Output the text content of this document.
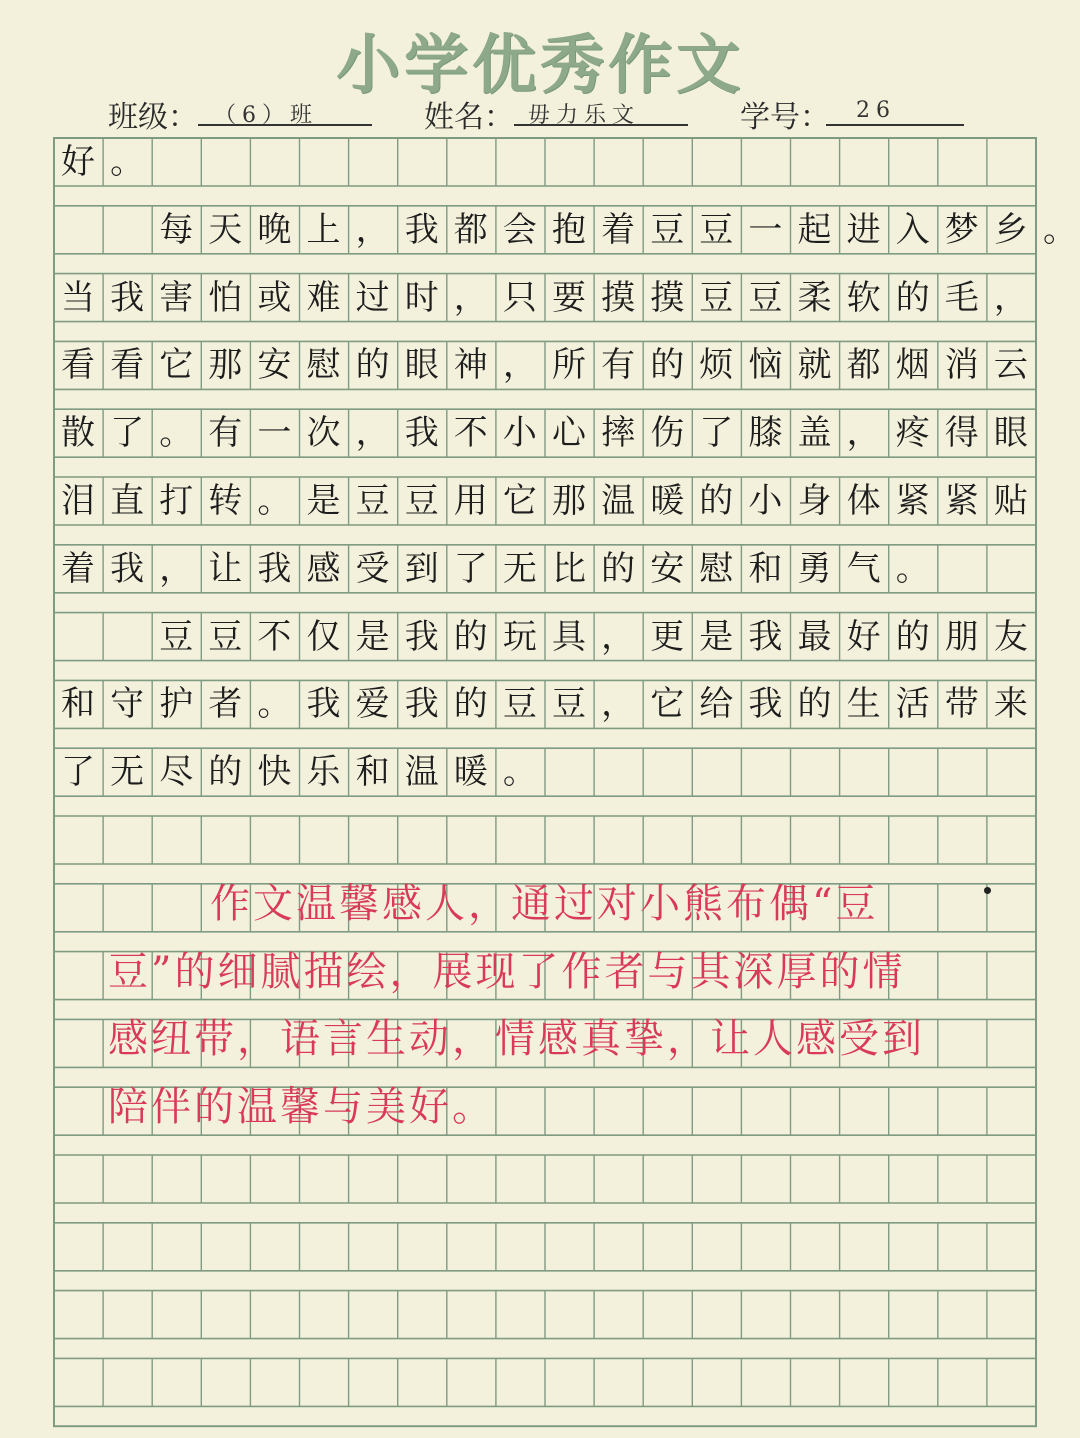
小学优秀作文
班级： （6）班	姓名： 毋力乐文	学号： 26
好 。
每 天 晚 上 ， 我 都 会 抱 着 豆 豆 一 起 进 入 梦 乡 。
当 我 害 怕 或 难 过 时 ， 只 要 摸 摸 豆 豆 柔 软 的 毛 ，
看 看 它 那 安 慰 的 眼 神 ， 所 有 的 烦 恼 就 都 烟 消 云
散 了 。 有 一 次 ， 我 不 小 心 摔 伤 了 膝 盖 ， 疼 得 眼
泪 直 打 转 。 是 豆 豆 用 它 那 温 暖 的 小 身 体 紧 紧 贴
着 我 ， 让 我 感 受 到 了 无 比 的 安 慰 和 勇 气 。
豆 豆 不 仅 是 我 的 玩 具 ， 更 是 我 最 好 的 朋 友
和 守 护 者 。 我 爱 我 的 豆 豆 ， 它 给 我 的 生 活 带 来
了 无 尽 的 快 乐 和 温 暖 。
作文温馨感人，通过对小熊布偶“豆
豆”的细腻描绘，展现了作者与其深厚的情
感纽带，语言生动，情感真挚，让人感受到
陪伴的温馨与美好。
